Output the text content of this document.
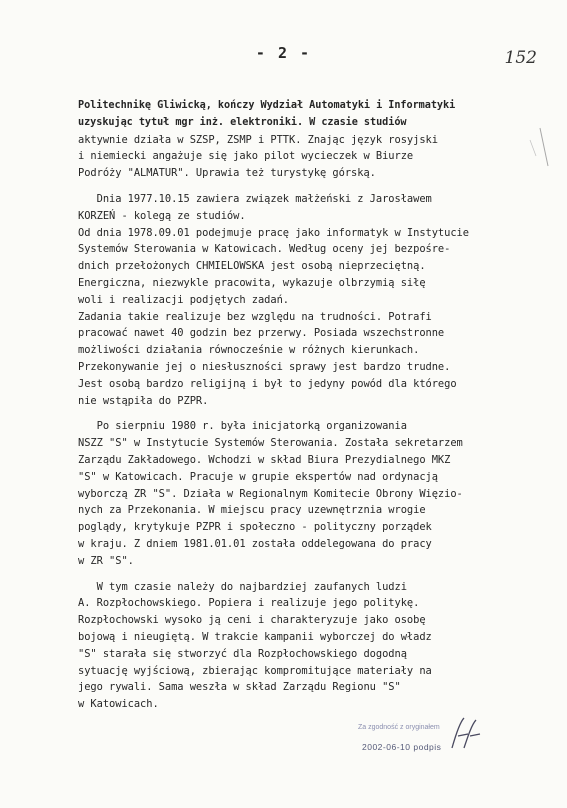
- 2 -	152
Politechnikę Gliwicką, kończy Wydział Automatyki i Informatyki
uzyskując tytuł mgr inż. elektroniki. W czasie studiów
aktywnie działa w SZSP, ZSMP i PTTK. Znając język rosyjski
i niemiecki angażuje się jako pilot wycieczek w Biurze
Podróży "ALMATUR". Uprawia też turystykę górską.
Dnia 1977.10.15 zawiera związek małżeński z Jarosławem
KORZEŃ - kolegą ze studiów.
Od dnia 1978.09.01 podejmuje pracę jako informatyk w Instytucie
Systemów Sterowania w Katowicach. Według oceny jej bezpośre-
dnich przełożonych CHMIELOWSKA jest osobą nieprzeciętną.
Energiczna, niezwykle pracowita, wykazuje olbrzymią siłę
woli i realizacji podjętych zadań.
Zadania takie realizuje bez względu na trudności. Potrafi
pracować nawet 40 godzin bez przerwy. Posiada wszechstronne
możliwości działania równocześnie w różnych kierunkach.
Przekonywanie jej o niesłuszności sprawy jest bardzo trudne.
Jest osobą bardzo religijną i był to jedyny powód dla którego
nie wstąpiła do PZPR.
Po sierpniu 1980 r. była inicjatorką organizowania
NSZZ "S" w Instytucie Systemów Sterowania. Została sekretarzem
Zarządu Zakładowego. Wchodzi w skład Biura Prezydialnego MKZ
"S" w Katowicach. Pracuje w grupie ekspertów nad ordynacją
wyborczą ZR "S". Działa w Regionalnym Komitecie Obrony Więzio-
nych za Przekonania. W miejscu pracy uzewnętrznia wrogie
poglądy, krytykuje PZPR i społeczno - polityczny porządek
w kraju. Z dniem 1981.01.01 została oddelegowana do pracy
w ZR "S".
W tym czasie należy do najbardziej zaufanych ludzi
A. Rozpłochowskiego. Popiera i realizuje jego politykę.
Rozpłochowski wysoko ją ceni i charakteryzuje jako osobę
bojową i nieugiętą. W trakcie kampanii wyborczej do władz
"S" starała się stworzyć dla Rozpłochowskiego dogodną
sytuację wyjściową, zbierając kompromitujące materiały na
jego rywali. Sama weszła w skład Zarządu Regionu "S"
w Katowicach.
Za zgodność z oryginałem
2002-06-10 podpis
